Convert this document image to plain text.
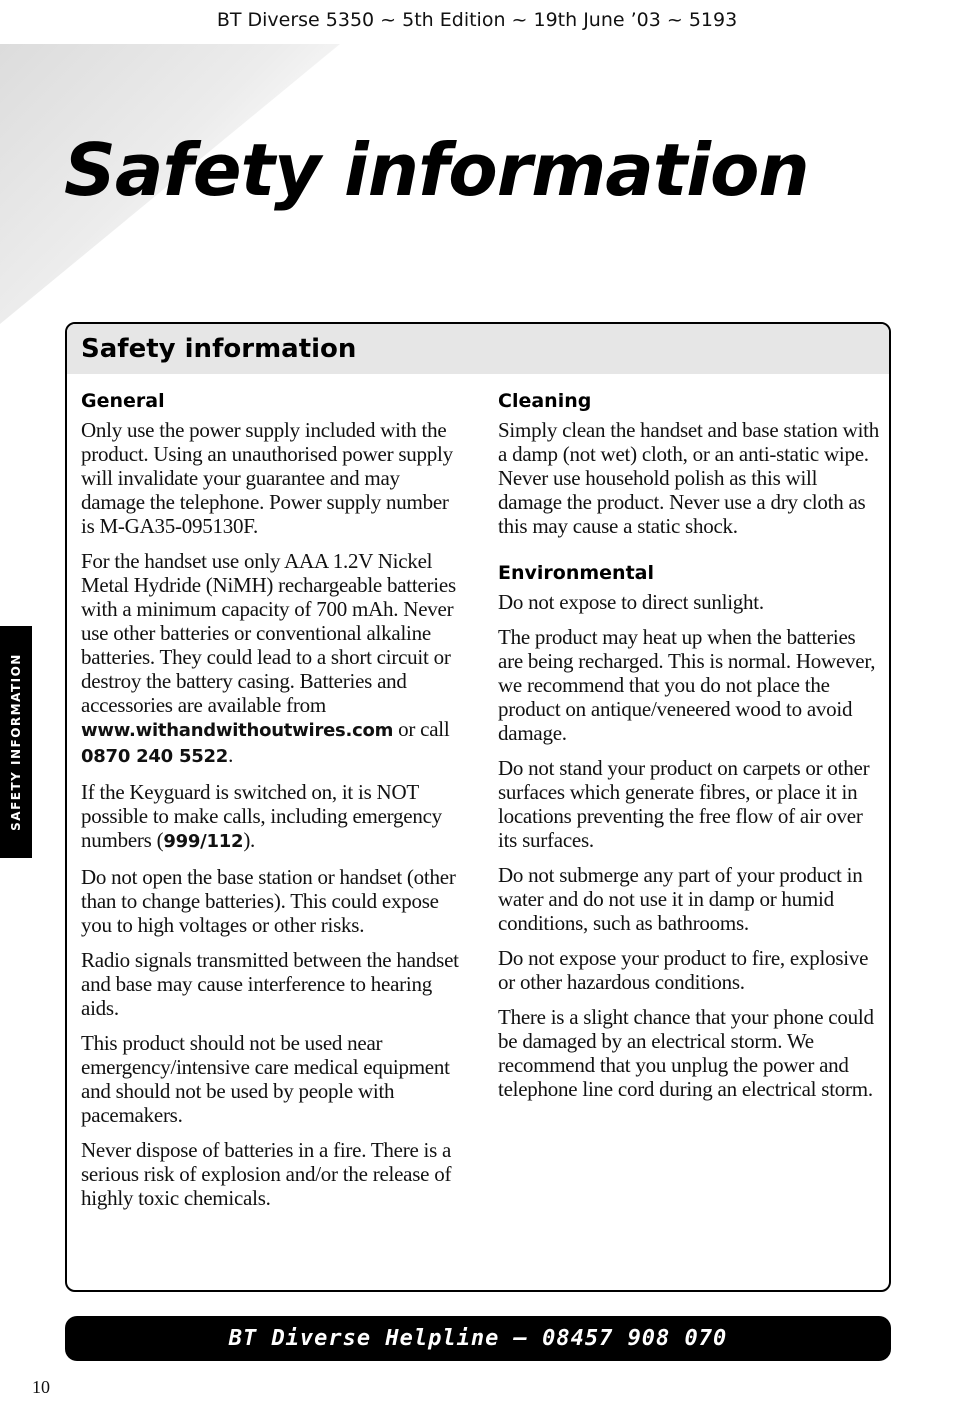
BT Diverse 5350 ~ 5th Edition ~ 19th June ’03 ~ 5193
Safety information
SAFETY INFORMATION
Safety information
General

Only use the power supply included with the product. Using an unauthorised power supply will invalidate your guarantee and may damage the telephone. Power supply number is M-GA35-095130F.

For the handset use only AAA 1.2V Nickel Metal Hydride (NiMH) rechargeable batteries with a minimum capacity of 700 mAh. Never use other batteries or conventional alkaline batteries. They could lead to a short circuit or destroy the battery casing. Batteries and accessories are available from www.withandwithoutwires.com or call 0870 240 5522.

If the Keyguard is switched on, it is NOT possible to make calls, including emergency numbers (999/112).

Do not open the base station or handset (other than to change batteries). This could expose you to high voltages or other risks.

Radio signals transmitted between the handset and base may cause interference to hearing aids.

This product should not be used near emergency/intensive care medical equipment and should not be used by people with pacemakers.

Never dispose of batteries in a fire. There is a serious risk of explosion and/or the release of highly toxic chemicals.

Cleaning

Simply clean the handset and base station with a damp (not wet) cloth, or an anti-static wipe. Never use household polish as this will damage the product. Never use a dry cloth as this may cause a static shock.

Environmental

Do not expose to direct sunlight.

The product may heat up when the batteries are being recharged. This is normal. However, we recommend that you do not place the product on antique/veneered wood to avoid damage.

Do not stand your product on carpets or other surfaces which generate fibres, or place it in locations preventing the free flow of air over its surfaces.

Do not submerge any part of your product in water and do not use it in damp or humid conditions, such as bathrooms.

Do not expose your product to fire, explosive or other hazardous conditions.

There is a slight chance that your phone could be damaged by an electrical storm. We recommend that you unplug the power and telephone line cord during an electrical storm.

BT Diverse Helpline – 08457 908 070
10
